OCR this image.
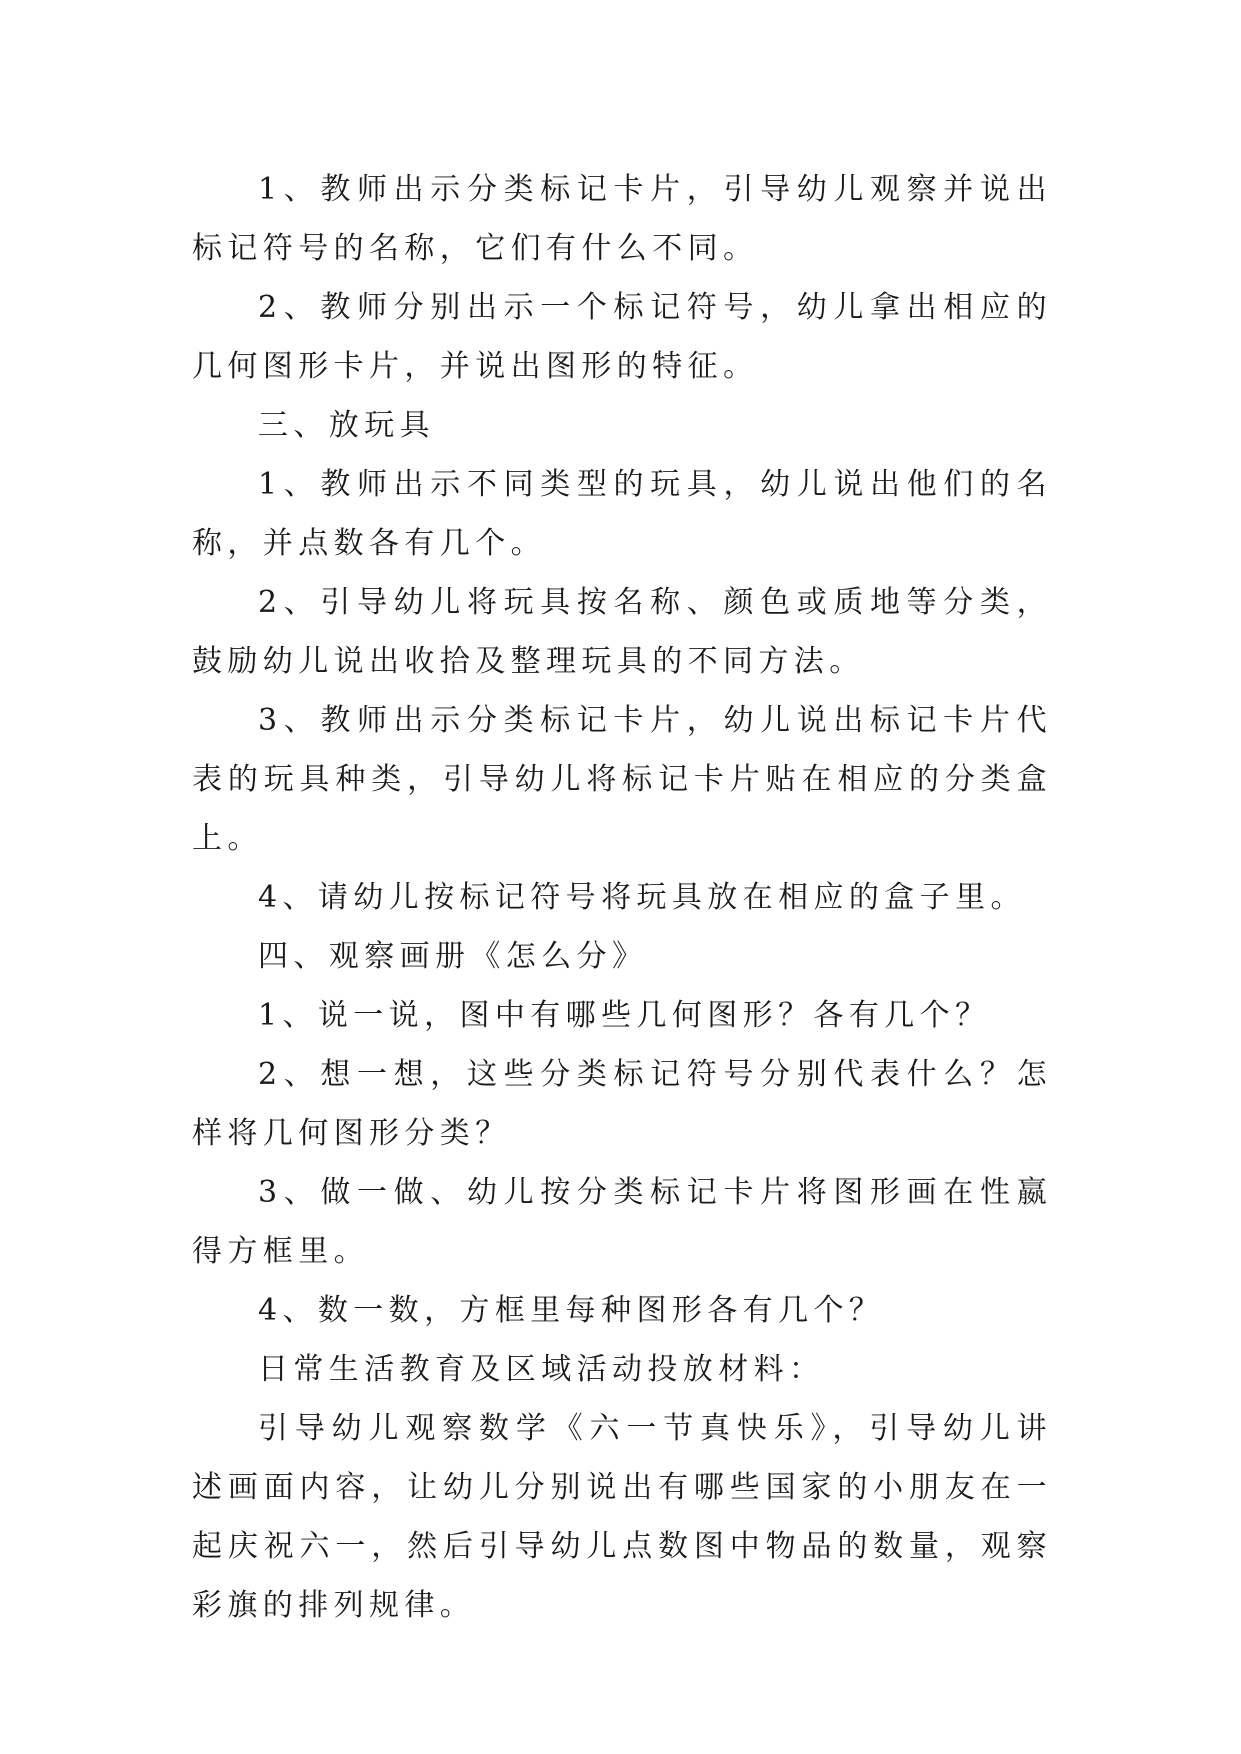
1、教师出示分类标记卡片，引导幼儿观察并说出标记符号的名称，它们有什么不同。

2、教师分别出示一个标记符号，幼儿拿出相应的几何图形卡片，并说出图形的特征。

三、放玩具

1、教师出示不同类型的玩具，幼儿说出他们的名称，并点数各有几个。

2、引导幼儿将玩具按名称、颜色或质地等分类，鼓励幼儿说出收拾及整理玩具的不同方法。

3、教师出示分类标记卡片，幼儿说出标记卡片代表的玩具种类，引导幼儿将标记卡片贴在相应的分类盒上。

4、请幼儿按标记符号将玩具放在相应的盒子里。

四、观察画册《怎么分》

1、说一说，图中有哪些几何图形？各有几个？

2、想一想，这些分类标记符号分别代表什么？怎样将几何图形分类？

3、做一做、幼儿按分类标记卡片将图形画在性嬴得方框里。

4、数一数，方框里每种图形各有几个？

日常生活教育及区域活动投放材料：

引导幼儿观察数学《六一节真快乐》，引导幼儿讲述画面内容，让幼儿分别说出有哪些国家的小朋友在一起庆祝六一，然后引导幼儿点数图中物品的数量，观察彩旗的排列规律。
